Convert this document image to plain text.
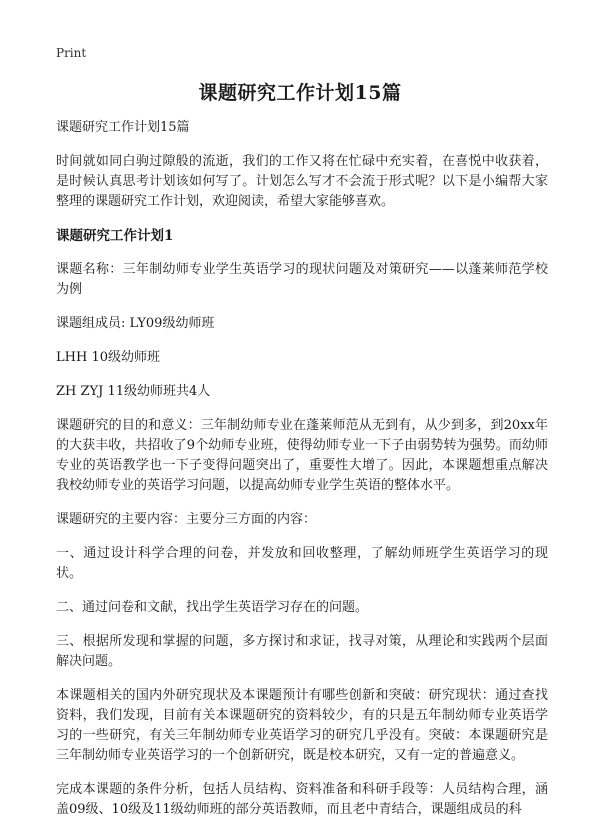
Print
课题研究工作计划15篇

课题研究工作计划15篇

时间就如同白驹过隙般的流逝，我们的工作又将在忙碌中充实着，在喜悦中收获着，是时候认真思考计划该如何写了。计划怎么写才不会流于形式呢？以下是小编帮大家整理的课题研究工作计划，欢迎阅读，希望大家能够喜欢。

课题研究工作计划1

课题名称：三年制幼师专业学生英语学习的现状问题及对策研究——以蓬莱师范学校为例

课题组成员: LY09级幼师班

LHH 10级幼师班

ZH ZYJ 11级幼师班共4人

课题研究的目的和意义：三年制幼师专业在蓬莱师范从无到有，从少到多，到20xx年的大获丰收，共招收了9个幼师专业班，使得幼师专业一下子由弱势转为强势。而幼师专业的英语教学也一下子变得问题突出了，重要性大增了。因此，本课题想重点解决我校幼师专业的英语学习问题，以提高幼师专业学生英语的整体水平。

课题研究的主要内容：主要分三方面的内容：

一、通过设计科学合理的问卷，并发放和回收整理，了解幼师班学生英语学习的现状。

二、通过问卷和文献，找出学生英语学习存在的问题。

三、根据所发现和掌握的问题，多方探讨和求证，找寻对策，从理论和实践两个层面解决问题。

本课题相关的国内外研究现状及本课题预计有哪些创新和突破：研究现状：通过查找资料，我们发现，目前有关本课题研究的资料较少，有的只是五年制幼师专业英语学习的一些研究，有关三年制幼师专业英语学习的研究几乎没有。突破：本课题研究是三年制幼师专业英语学习的一个创新研究，既是校本研究，又有一定的普遍意义。

完成本课题的条件分析，包括人员结构、资料准备和科研手段等：人员结构合理，涵盖09级、10级及11级幼师班的部分英语教师，而且老中青结合，课题组成员的科
